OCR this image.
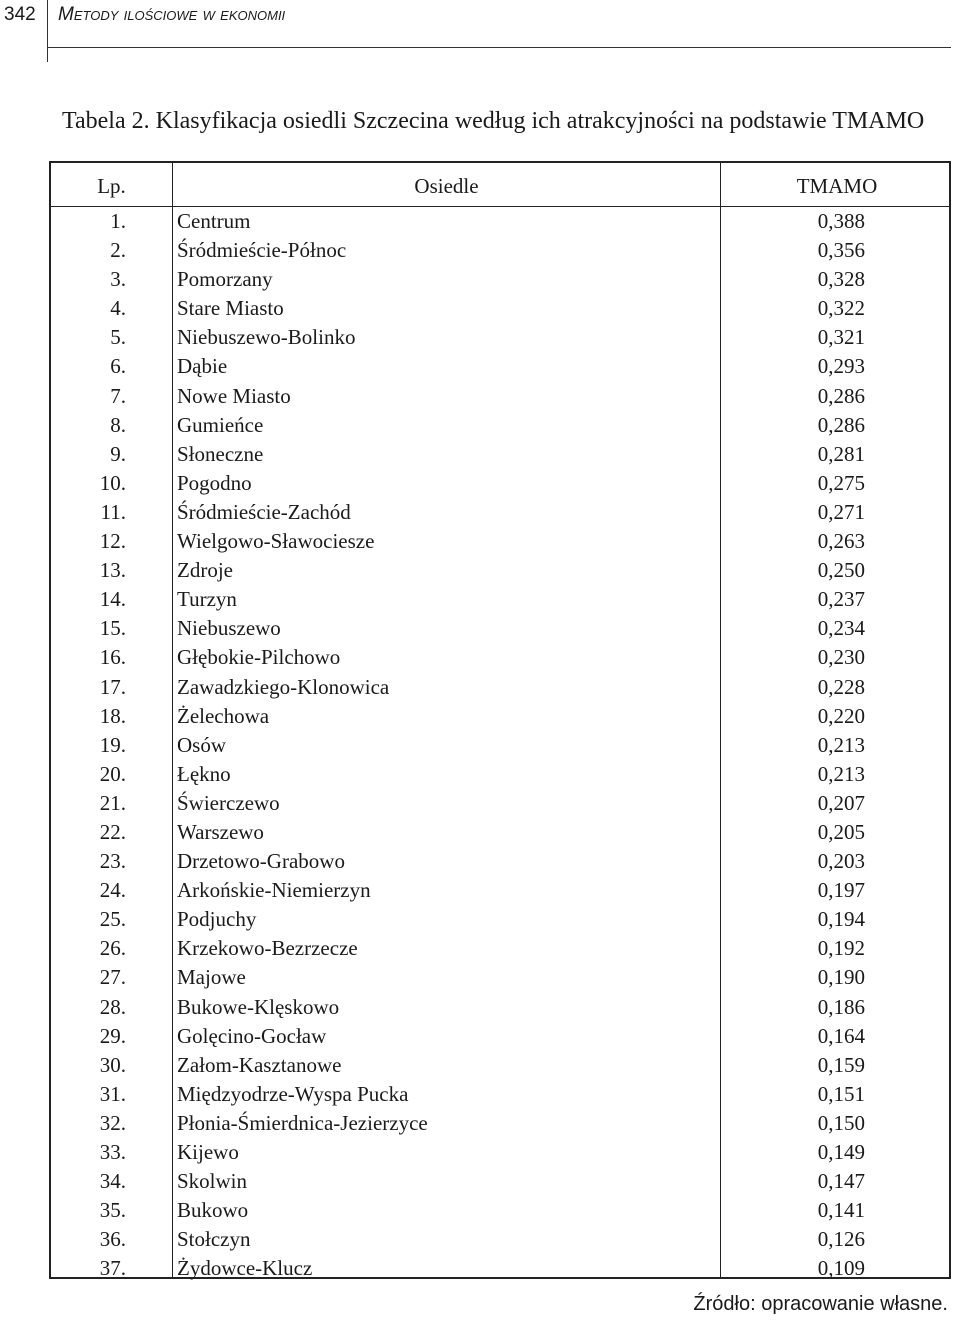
342 Metody ilościowe w ekonomii
Tabela 2. Klasyfikacja osiedli Szczecina według ich atrakcyjności na podstawie TMAMO
Lp.	Osiedle	TMAMO
1. Centrum	0,388
2. Śródmieście-Północ	0,356
3. Pomorzany	0,328
4. Stare Miasto	0,322
5. Niebuszewo-Bolinko	0,321
6. Dąbie	0,293
7. Nowe Miasto	0,286
8. Gumieńce	0,286
9. Słoneczne	0,281
10. Pogodno	0,275
11. Śródmieście-Zachód	0,271
12. Wielgowo-Sławociesze	0,263
13. Zdroje	0,250
14. Turzyn	0,237
15. Niebuszewo	0,234
16. Głębokie-Pilchowo	0,230
17. Zawadzkiego-Klonowica	0,228
18. Żelechowa	0,220
19. Osów	0,213
20. Łękno	0,213
21. Świerczewo	0,207
22. Warszewo	0,205
23. Drzetowo-Grabowo	0,203
24. Arkońskie-Niemierzyn	0,197
25. Podjuchy	0,194
26. Krzekowo-Bezrzecze	0,192
27. Majowe	0,190
28. Bukowe-Klęskowo	0,186
29. Golęcino-Gocław	0,164
30. Załom-Kasztanowe	0,159
31. Międzyodrze-Wyspa Pucka	0,151
32. Płonia-Śmierdnica-Jezierzyce	0,150
33. Kijewo	0,149
34. Skolwin	0,147
35. Bukowo	0,141
36. Stołczyn	0,126
37. Żydowce-Klucz	0,109
Źródło: opracowanie własne.
